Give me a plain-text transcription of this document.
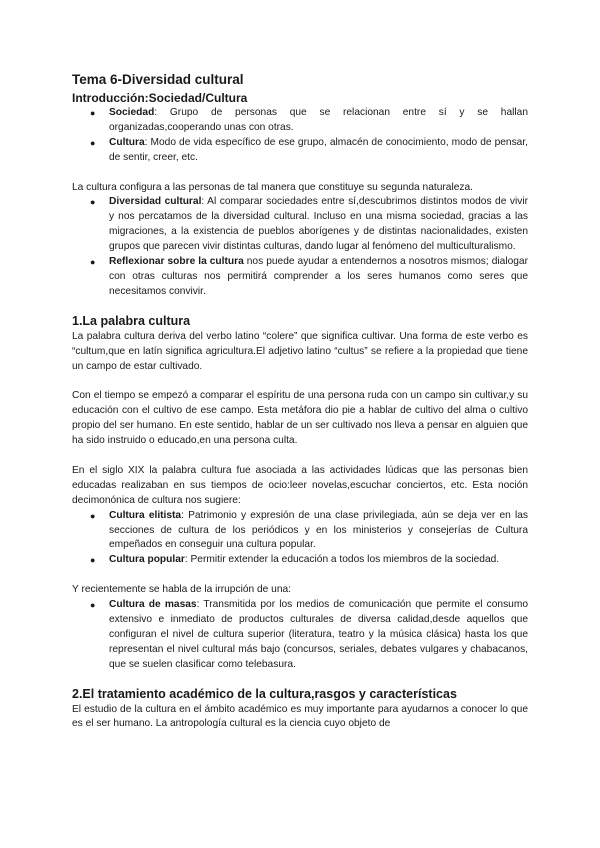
Tema 6-Diversidad cultural
Introducción:Sociedad/Cultura
● Sociedad: Grupo de personas que se relacionan entre sí y se hallan organizadas,cooperando unas con otras.
● Cultura: Modo de vida específico de ese grupo, almacén de conocimiento, modo de pensar, de sentir, creer, etc.

La cultura configura a las personas de tal manera que constituye su segunda naturaleza.

● Diversidad cultural: Al comparar sociedades entre sí,descubrimos distintos modos de vivir y nos percatamos de la diversidad cultural. Incluso en una misma sociedad, gracias a las migraciones, a la existencia de pueblos aborígenes y de distintas nacionalidades, existen grupos que parecen vivir distintas culturas, dando lugar al fenómeno del multiculturalismo.
● Reflexionar sobre la cultura nos puede ayudar a entendernos a nosotros mismos; dialogar con otras culturas nos permitirá comprender a los seres humanos como seres que necesitamos convivir.
1.La palabra cultura

La palabra cultura deriva del verbo latino “colere” que significa cultivar. Una forma de este verbo es “cultum,que en latín significa agricultura.El adjetivo latino “cultus” se refiere a la propiedad que tiene un campo de estar cultivado.

Con el tiempo se empezó a comparar el espíritu de una persona ruda con un campo sin cultivar,y su educación con el cultivo de ese campo. Esta metáfora dio pie a hablar de cultivo del alma o cultivo propio del ser humano. En este sentido, hablar de un ser cultivado nos lleva a pensar en alguien que ha sido instruido o educado,en una persona culta.

En el siglo XIX la palabra cultura fue asociada a las actividades lúdicas que las personas bien educadas realizaban en sus tiempos de ocio:leer novelas,escuchar conciertos, etc. Esta noción decimonónica de cultura nos sugiere:

● Cultura elitista: Patrimonio y expresión de una clase privilegiada, aún se deja ver en las secciones de cultura de los periódicos y en los ministerios y consejerías de Cultura empeñados en conseguir una cultura popular.
● Cultura popular: Permitir extender la educación a todos los miembros de la sociedad.

Y recientemente se habla de la irrupción de una:

● Cultura de masas: Transmitida por los medios de comunicación que permite el consumo extensivo e inmediato de productos culturales de diversa calidad,desde aquellos que configuran el nivel de cultura superior (literatura, teatro y la música clásica) hasta los que representan el nivel cultural más bajo (concursos, seriales, debates vulgares y chabacanos, que se suelen clasificar como telebasura.
2.El tratamiento académico de la cultura,rasgos y características

El estudio de la cultura en el ámbito académico es muy importante para ayudarnos a conocer lo que es el ser humano. La antropología cultural es la ciencia cuyo objeto de
